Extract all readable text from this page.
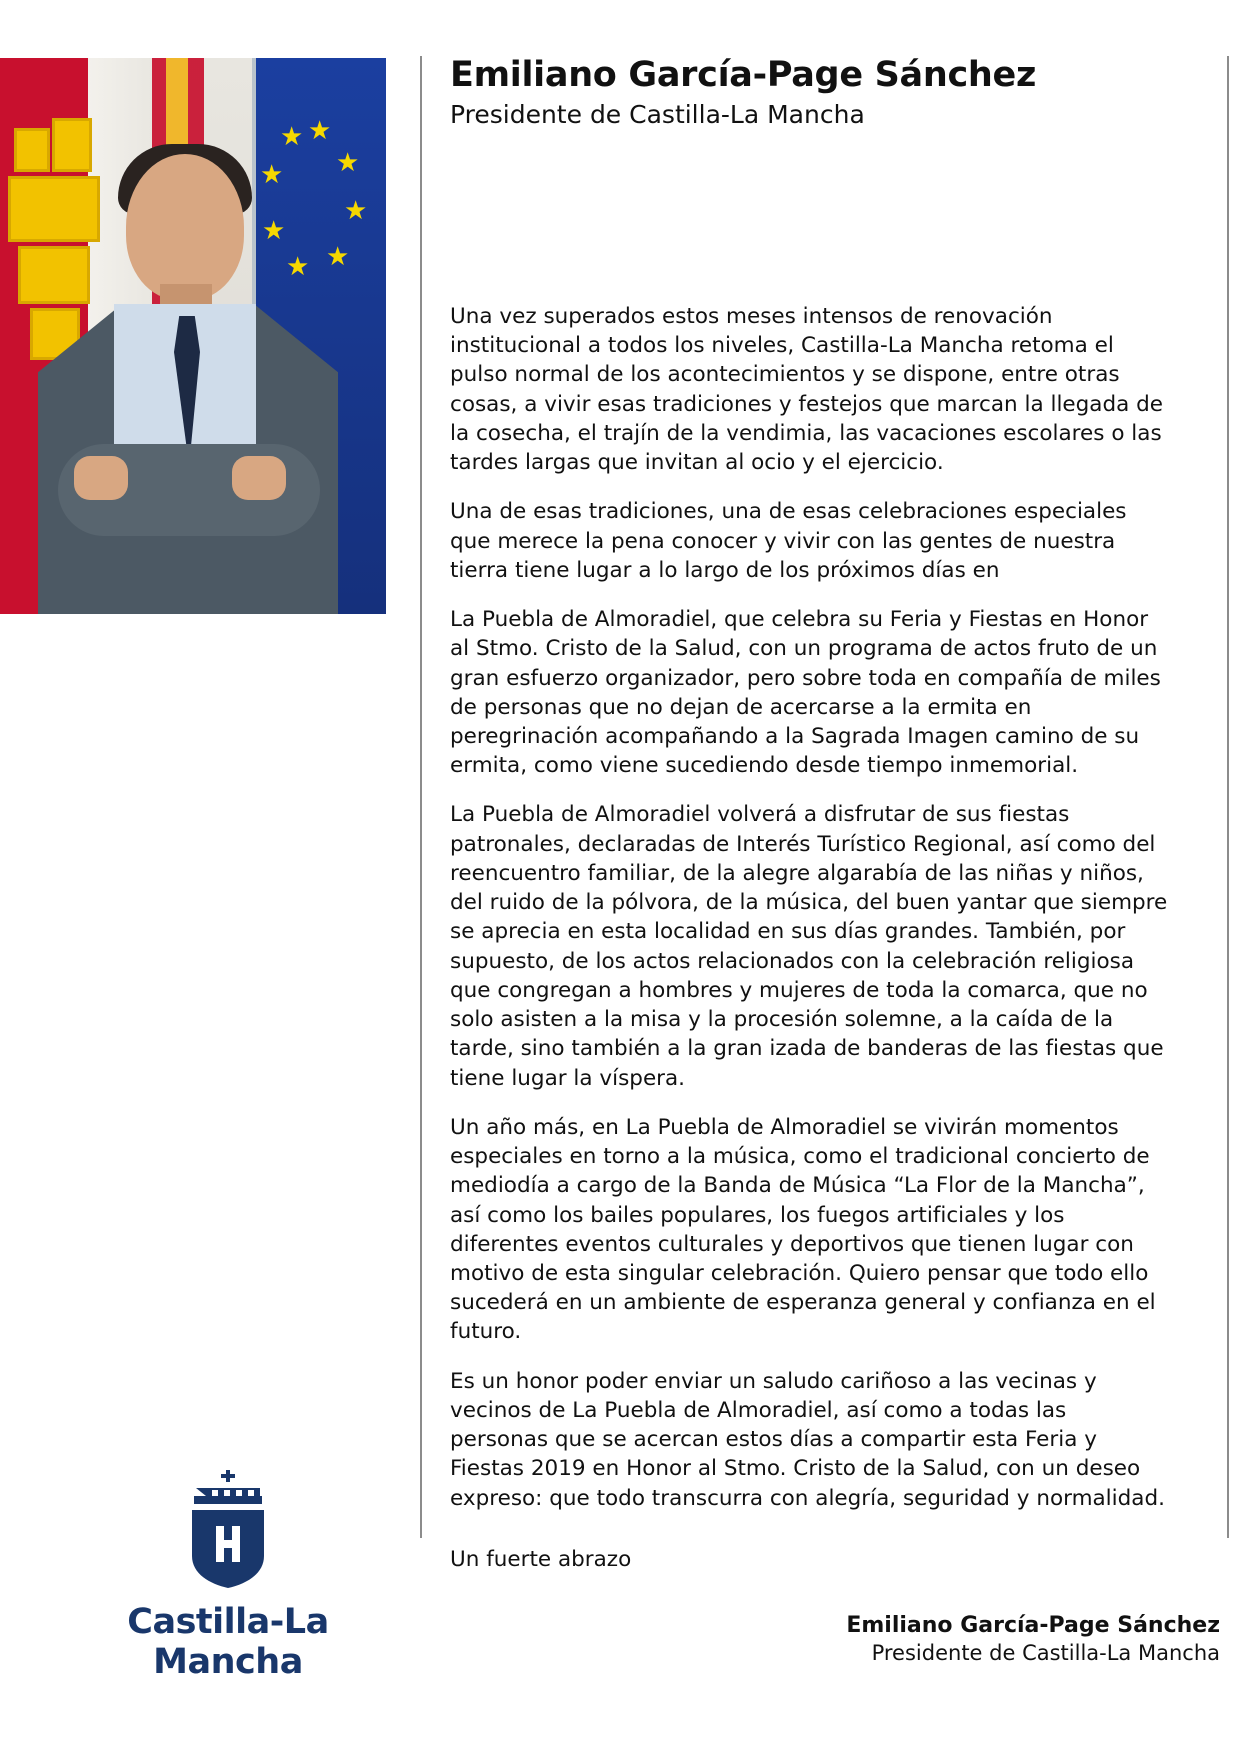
★
★
★
★
★
★
★
★
Castilla-La Mancha
Emiliano García-Page Sánchez

Presidente de Castilla-La Mancha

Una vez superados estos meses intensos de renovación institucional a todos los niveles, Castilla-La Mancha retoma el pulso normal de los acontecimientos y se dispone, entre otras cosas, a vivir esas tradiciones y festejos que marcan la llegada de la cosecha, el trajín de la vendimia, las vacaciones escolares o las tardes largas que invitan al ocio y el ejercicio.

Una de esas tradiciones, una de esas celebraciones especiales que merece la pena conocer y vivir con las gentes de nuestra tierra tiene lugar a lo largo de los próximos días en

La Puebla de Almoradiel, que celebra su Feria y Fiestas en Honor al Stmo. Cristo de la Salud, con un programa de actos fruto de un gran esfuerzo organizador, pero sobre toda en compañía de miles de personas que no dejan de acercarse a la ermita en peregrinación acompañando a la Sagrada Imagen camino de su ermita, como viene sucediendo desde tiempo inmemorial.

La Puebla de Almoradiel volverá a disfrutar de sus fiestas patronales, declaradas de Interés Turístico Regional, así como del reencuentro familiar, de la alegre algarabía de las niñas y niños, del ruido de la pólvora, de la música, del buen yantar que siempre se aprecia en esta localidad en sus días grandes. También, por supuesto, de los actos relacionados con la celebración religiosa que congregan a hombres y mujeres de toda la comarca, que no solo asisten a la misa y la procesión solemne, a la caída de la tarde, sino también a la gran izada de banderas de las fiestas que tiene lugar la víspera.

Un año más, en La Puebla de Almoradiel se vivirán momentos especiales en torno a la música, como el tradicional concierto de mediodía a cargo de la Banda de Música “La Flor de la Mancha”, así como los bailes populares, los fuegos artificiales y los diferentes eventos culturales y deportivos que tienen lugar con motivo de esta singular celebración. Quiero pensar que todo ello sucederá en un ambiente de esperanza general y confianza en el futuro.

Es un honor poder enviar un saludo cariñoso a las vecinas y vecinos de La Puebla de Almoradiel, así como a todas las personas que se acercan estos días a compartir esta Feria y Fiestas 2019 en Honor al Stmo. Cristo de la Salud, con un deseo expreso: que todo transcurra con alegría, seguridad y normalidad.

Un fuerte abrazo
Emiliano García-Page Sánchez
Presidente de Castilla-La Mancha
